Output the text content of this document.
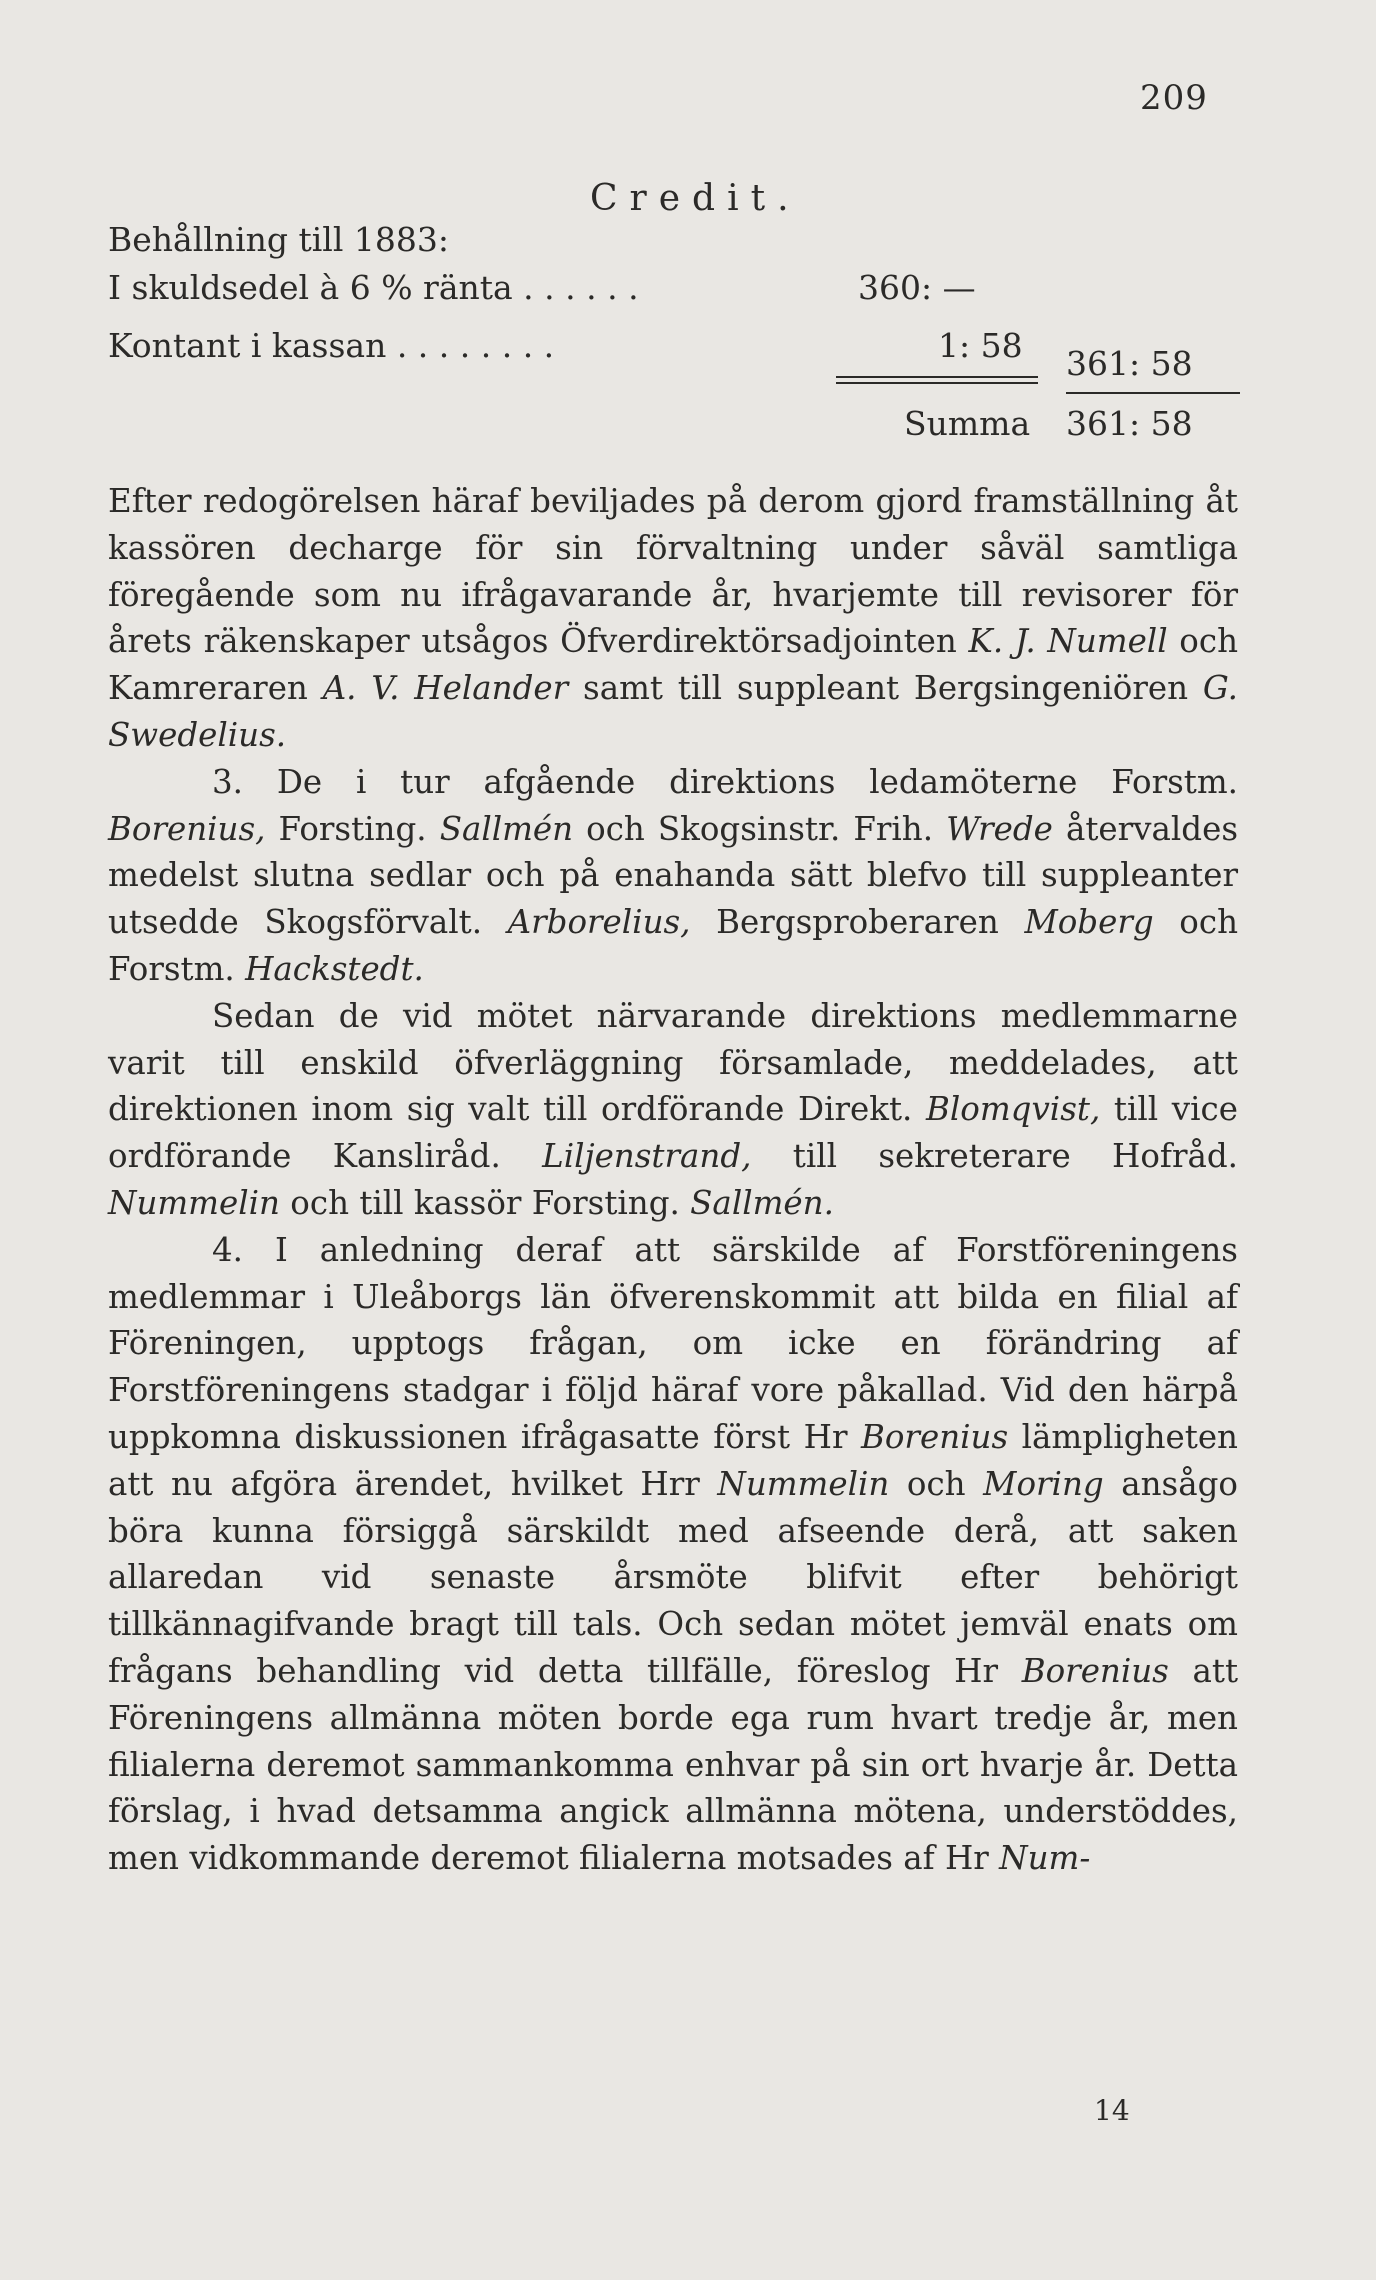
209
Credit.
Behållning till 1883:
I skuldsedel à 6 % ränta . . . . . .	360: —
Kontant i kassan . . . . . . . .	1: 58 361: 58
Summa 361: 58

Efter redogörelsen häraf beviljades på derom gjord framställning åt kassören decharge för sin förvaltning under såväl samtliga föregående som nu ifrågavarande år, hvarjemte till revisorer för årets räkenskaper utsågos Öfverdirektörsadjointen K. J. Numell och Kamreraren A. V. Helander samt till suppleant Bergsingeniören G. Swedelius.

3. De i tur afgående direktions ledamöterne Forstm. Borenius, Forsting. Sallmén och Skogsinstr. Frih. Wrede återvaldes medelst slutna sedlar och på enahanda sätt blefvo till suppleanter utsedde Skogsförvalt. Arborelius, Bergsproberaren Moberg och Forstm. Hackstedt.

Sedan de vid mötet närvarande direktions medlemmarne varit till enskild öfverläggning församlade, meddelades, att direktionen inom sig valt till ordförande Direkt. Blomqvist, till vice ordförande Kansliråd. Liljenstrand, till sekreterare Hofråd. Nummelin och till kassör Forsting. Sallmén.

4. I anledning deraf att särskilde af Forstföreningens medlemmar i Uleåborgs län öfverenskommit att bilda en filial af Föreningen, upptogs frågan, om icke en förändring af Forstföreningens stadgar i följd häraf vore påkallad. Vid den härpå uppkomna diskussionen ifrågasatte först Hr Borenius lämpligheten att nu afgöra ärendet, hvilket Hrr Nummelin och Moring ansågo böra kunna försiggå särskildt med afseende derå, att saken allaredan vid senaste årsmöte blifvit efter behörigt tillkännagifvande bragt till tals. Och sedan mötet jemväl enats om frågans behandling vid detta tillfälle, föreslog Hr Borenius att Föreningens allmänna möten borde ega rum hvart tredje år, men filialerna deremot sammankomma enhvar på sin ort hvarje år. Detta förslag, i hvad detsamma angick allmänna mötena, understöddes, men vidkommande deremot filialerna motsades af Hr Num-

14
